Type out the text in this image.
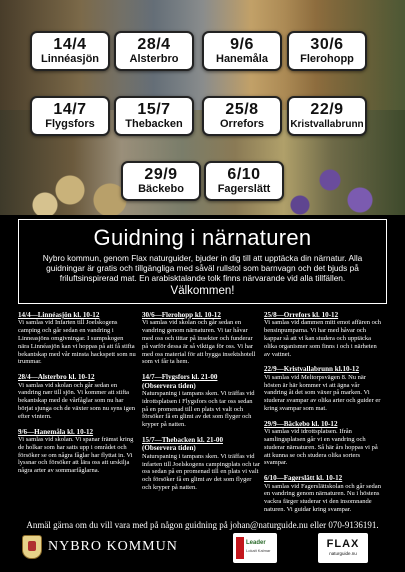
14/4
Linnéasjön
28/4
Alsterbro
9/6
Hanemåla
30/6
Flerohopp
14/7
Flygsfors
15/7
Thebacken
25/8
Orrefors
22/9
Kristvallabrunn
29/9
Bäckebo
6/10
Fagerslätt
Guidning i närnaturen
Nybro kommun, genom Flax naturguider, bjuder in dig till att upptäcka din närnatur. Alla guidningar är gratis och tillgängliga med såväl rullstol som barnvagn och det bjuds på friluftsinspirerad mat. En arabisktalande tolk finns närvarande vid alla tillfällen.
Välkommen!
14/4—Linnéasjön kl. 10-12
Vi samlas vid Infarten till Joelskogens camping och går sedan en vandring i Linneasjöns omgivningar. I sumpskogen nära Linnéasjön kan vi hoppas på att få stifta bekantskap med vår minsta hackspett som nu trummar.
28/4—Alsterbro kl. 10-12
Vi samlas vid skolan och går sedan en vandring nær till sjön. Vi kommer att stifta bekantskap med de vårfåglar som nu har börjat sjunga och de växter som nu syns igen efter vintern.
9/6—Hanemåla kl. 10-12
Vi samlas vid skolan. Vi spanar främst kring de holkar som har satts upp i området och försöker se om några fåglar har flyttat in. Vi lyssnar och försöker att lära oss att urskilja några arter av sommarfåglarna.
30/6—Flerohopp kl. 10-12
Vi samlas vid skolan och går sedan en vandring genom närnaturen. Vi tar håvar med oss och tittar på insekter och funderar på varför dessa är så viktiga för oss. Vi har med oss material för att bygga insektshotell som vi får ta hem.
14/7—Flygsfors kl. 21-00
(Observera tiden)
Naturspaning i tampans sken. Vi träffas vid idrottsplatsen i Flygsfors och tar oss sedan på en promenad till en plats vi valt och försöker få en glimt av det som flyger och kryper på natten.
15/7—Thebacken kl. 21-00
(Observera tiden)
Naturspaning i tampans sken. Vi träffas vid infarten till Joelskogens campingplats och tar oss sedan på en promenad till en plats vi valt och försöker få en glimt av det som flyger och kryper på natten.
25/8—Orrefors kl. 10-12
Vi samlas vid dammen mitt emot affären och bensinpumparna. Vi har med håvar och kappar så att vi kan studera och upptäcka olika organismer som finns i och i närheten av vattnet.
22/9—Kristvallabrunn kl.10-12
Vi samlas vid Meltorpsvägen 8. Nu när hösten är här kommer vi att ägna vår vandring åt det som växer på marken. Vi studerar svampar av olika arter och guider er kring svampar som mat.
29/9—Bäckebo kl. 10-12
Vi samlas vid idrottsplatsen. Ifrån samlingsplatsen går vi en vandring och studerar närnaturen. Så här års hoppas vi på att kunna se och studera olika sorters svampar.
6/10—Fagerslätt kl. 10-12
Vi samlas vid Fagerslättskolan och går sedan en vandring genom närnaturen. Nu i höstens vackra färger studerar vi den insomnande naturen. Vi guidar kring svampar.
Anmäl gärna om du vill vara med på någon guidning på johan@naturguide.nu eller 070-9136191.
NYBRO KOMMUN	Leader
Lokalt Kalmar
FLAX
naturguide.nu
